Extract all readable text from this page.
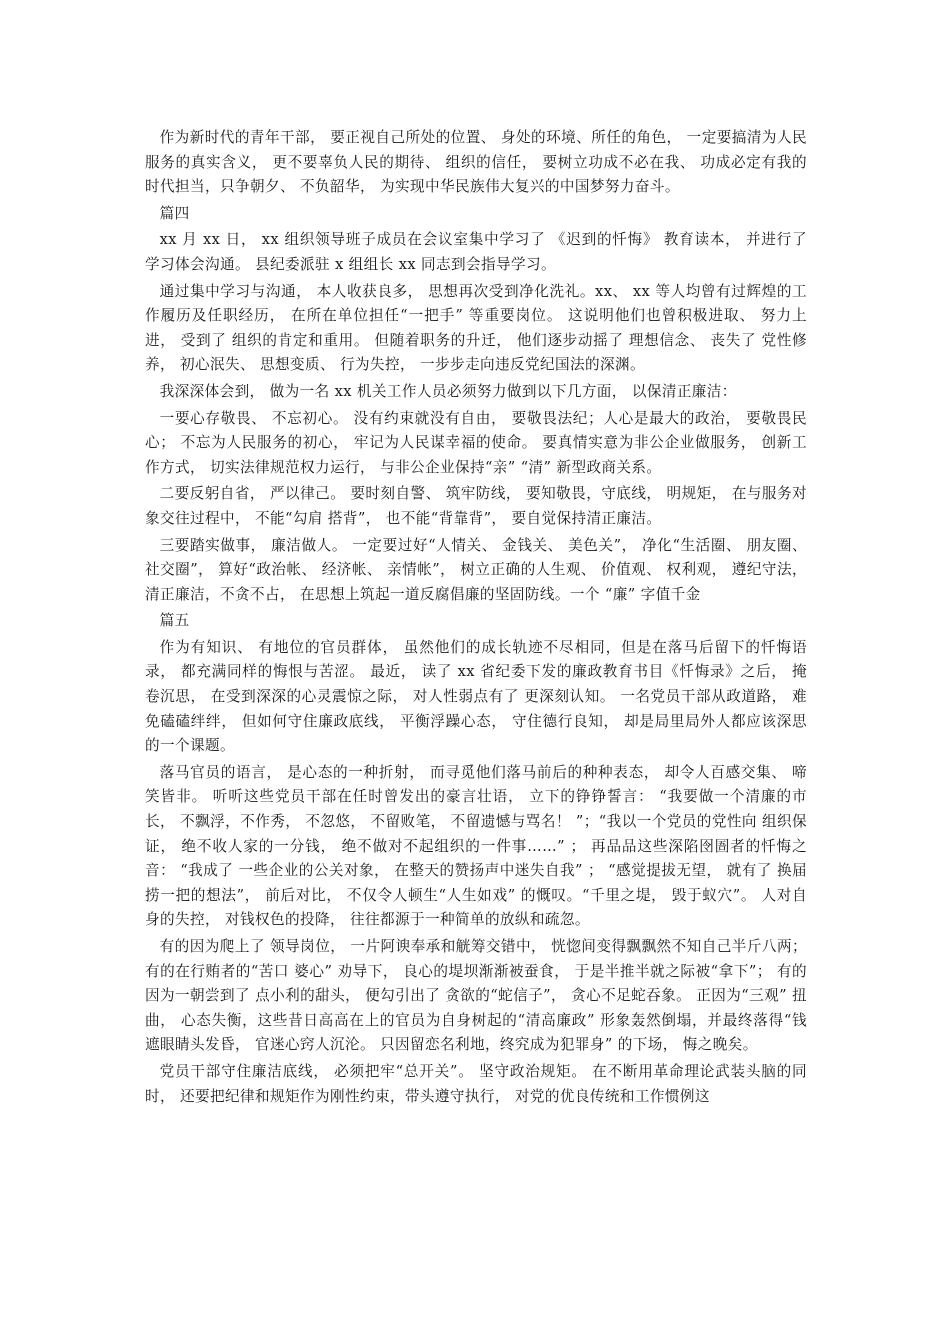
作为新时代的青年干部， 要正视自己所处的位置、 身处的环境、所任的角色， 一定要搞清为人民服务的真实含义， 更不要辜负人民的期待、 组织的信任， 要树立功成不必在我、 功成必定有我的时代担当，只争朝夕、 不负韶华， 为实现中华民族伟大复兴的中国梦努力奋斗。

篇四

xx 月 xx 日， xx 组织领导班子成员在会议室集中学习了 《迟到的忏悔》 教育读本， 并进行了 学习体会沟通。 县纪委派驻 x 组组长 xx 同志到会指导学习。

通过集中学习与沟通， 本人收获良多， 思想再次受到净化洗礼。xx、 xx 等人均曾有过辉煌的工作履历及任职经历， 在所在单位担任“一把手” 等重要岗位。 这说明他们也曾积极进取、 努力上进， 受到了 组织的肯定和重用。 但随着职务的升迁， 他们逐步动摇了 理想信念、 丧失了 党性修养， 初心泯失、 思想变质、 行为失控， 一步步走向违反党纪国法的深渊。

我深深体会到， 做为一名 xx 机关工作人员必须努力做到以下几方面， 以保清正廉洁：

一要心存敬畏、 不忘初心。 没有约束就没有自由， 要敬畏法纪；人心是最大的政治， 要敬畏民心； 不忘为人民服务的初心， 牢记为人民谋幸福的使命。 要真情实意为非公企业做服务， 创新工作方式， 切实法律规范权力运行， 与非公企业保持“亲” “清” 新型政商关系。

二要反躬自省， 严以律己。 要时刻自警、 筑牢防线， 要知敬畏，守底线， 明规矩， 在与服务对象交往过程中， 不能“勾肩 搭背”， 也不能“背靠背”， 要自觉保持清正廉洁。

三要踏实做事， 廉洁做人。 一定要过好“人情关、 金钱关、 美色关”， 净化“生活圈、 朋友圈、 社交圈”， 算好“政治帐、 经济帐、 亲情帐”， 树立正确的人生观、 价值观、 权利观， 遵纪守法， 清正廉洁，不贪不占， 在思想上筑起一道反腐倡廉的坚固防线。一个 “廉” 字值千金

篇五

作为有知识、 有地位的官员群体， 虽然他们的成长轨迹不尽相同，但是在落马后留下的忏悔语录， 都充满同样的悔恨与苦涩。 最近， 读了 xx 省纪委下发的廉政教育书目《忏悔录》之后， 掩卷沉思， 在受到深深的心灵震惊之际， 对人性弱点有了 更深刻认知。 一名党员干部从政道路， 难免磕磕绊绊， 但如何守住廉政底线， 平衡浮躁心态， 守住德行良知， 却是局里局外人都应该深思的一个课题。

落马官员的语言， 是心态的一种折射， 而寻觅他们落马前后的种种表态， 却令人百感交集、 啼笑皆非。 听听这些党员干部在任时曾发出的豪言壮语， 立下的铮铮誓言： “我要做一个清廉的市长， 不飘浮，不作秀， 不忽悠， 不留败笔， 不留遗憾与骂名！ ”；“我以一个党员的党性向 组织保证， 绝不收人家的一分钱， 绝不做对不起组织的一件事……” ； 再品品这些深陷囹圄者的忏悔之音： “我成了 一些企业的公关对象， 在整天的赞扬声中迷失自我” ； “感觉提拔无望， 就有了 换届捞一把的想法”， 前后对比， 不仅令人顿生“人生如戏” 的慨叹。“千里之堤， 毁于蚁穴”。 人对自身的失控， 对钱权色的投降， 往往都源于一种简单的放纵和疏忽。

有的因为爬上了 领导岗位， 一片阿谀奉承和觥筹交错中， 恍惚间变得飘飘然不知自己半斤八两； 有的在行贿者的“苦口 婆心” 劝导下， 良心的堤坝渐渐被蚕食， 于是半推半就之际被“拿下”； 有的因为一朝尝到了 点小利的甜头， 便勾引出了 贪欲的“蛇信子”， 贪心不足蛇吞象。 正因为“三观” 扭曲， 心态失衡，这些昔日高高在上的官员为自身树起的“清高廉政” 形象轰然倒塌，并最终落得“钱遮眼睛头发昏， 官迷心窍人沉沦。 只因留恋名利地，终究成为犯罪身” 的下场， 悔之晚矣。

党员干部守住廉洁底线， 必须把牢“总开关”。 坚守政治规矩。 在不断用革命理论武装头脑的同时， 还要把纪律和规矩作为刚性约束，带头遵守执行， 对党的优良传统和工作惯例这
